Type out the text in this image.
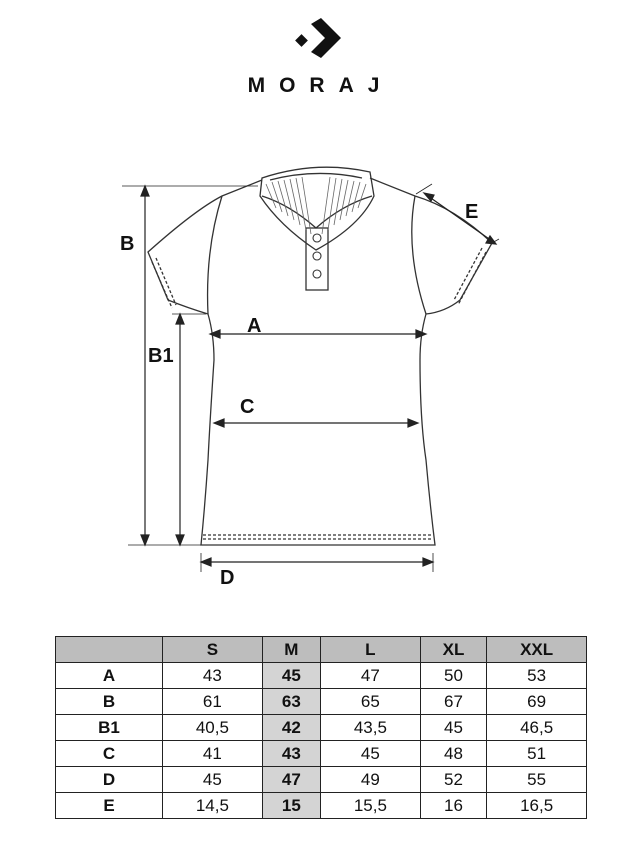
MORAJ
B
B1
A
C
D
E
	S	M	L	XL	XXL
A	43	45	47	50	53
B	61	63	65	67	69
B1	40,5	42	43,5	45	46,5
C	41	43	45	48	51
D	45	47	49	52	55
E	14,5	15	15,5	16	16,5
